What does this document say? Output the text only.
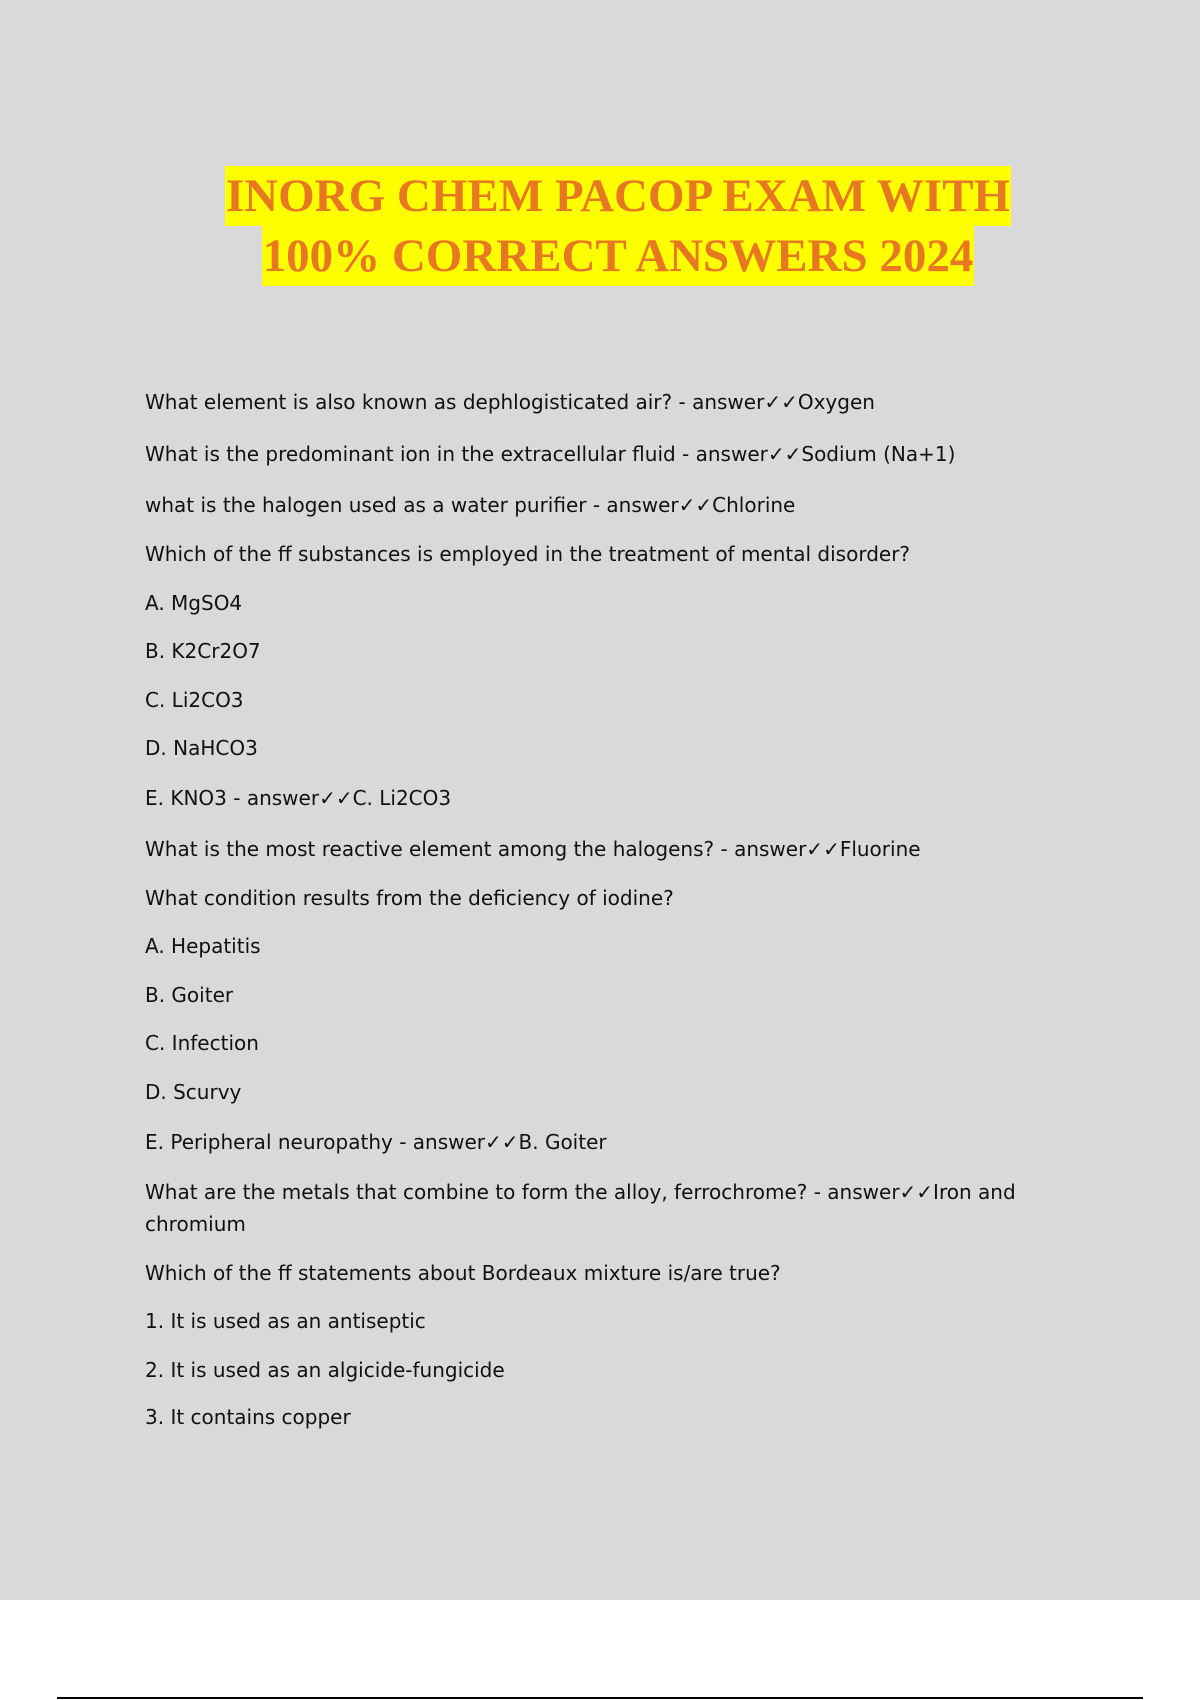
INORG CHEM PACOP EXAM WITH
100% CORRECT ANSWERS 2024
What element is also known as dephlogisticated air? - answer✓✓Oxygen
What is the predominant ion in the extracellular fluid - answer✓✓Sodium (Na+1)
what is the halogen used as a water purifier - answer✓✓Chlorine
Which of the ff substances is employed in the treatment of mental disorder?
A. MgSO4
B. K2Cr2O7
C. Li2CO3
D. NaHCO3
E. KNO3 - answer✓✓C. Li2CO3
What is the most reactive element among the halogens? - answer✓✓Fluorine
What condition results from the deficiency of iodine?
A. Hepatitis
B. Goiter
C. Infection
D. Scurvy
E. Peripheral neuropathy - answer✓✓B. Goiter
What are the metals that combine to form the alloy, ferrochrome? - answer✓✓Iron and chromium
Which of the ff statements about Bordeaux mixture is/are true?
1. It is used as an antiseptic
2. It is used as an algicide-fungicide
3. It contains copper
